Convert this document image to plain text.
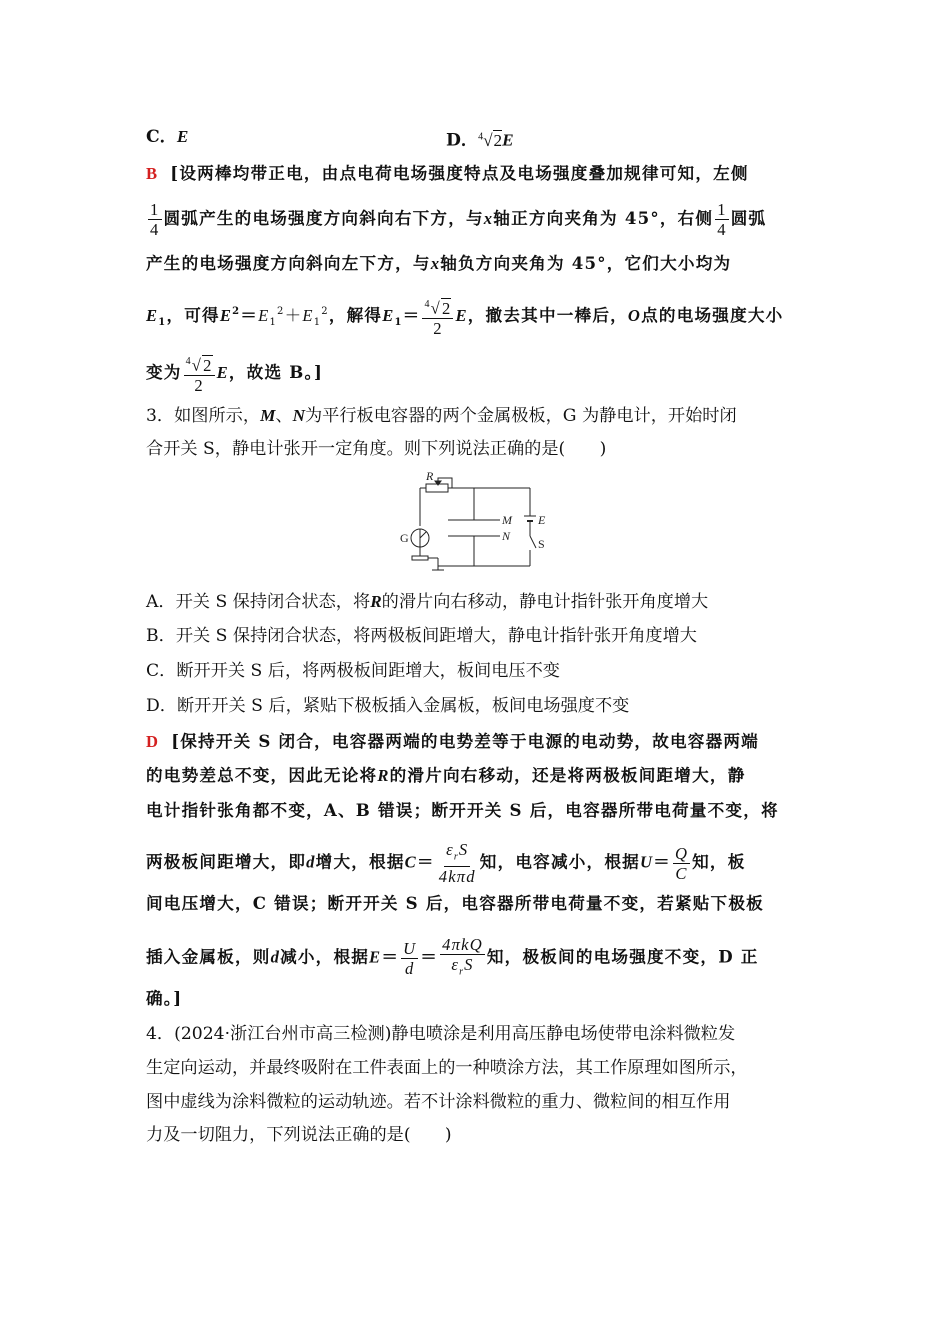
C．E	D．$^4$√2E
B [设两棒均带正电，由点电荷电场强度特点及电场强度叠加规律可知，左侧
$\frac{1}{4}$ 圆弧产生的电场强度方向斜向右下方，与x轴正方向夹角为 45°，右侧 $\frac{1}{4}$ 圆弧
产生的电场强度方向斜向左下方，与x轴负方向夹角为 45°，它们大小均为
$E_1$，可得$E^2=E_1^2+E_1^2$，解得$E_1= \frac{^4√2}{2}$ E，撤去其中一棒后，O点的电场强度大小
变为 $\frac{^4√2}{2}$ E，故选 B。]
3．如图所示，M、N为平行板电容器的两个金属极板，G 为静电计，开始时闭
合开关 S，静电计张开一定角度。则下列说法正确的是(　　)
R
M
N
E
S
G
A．开关 S 保持闭合状态，将R的滑片向右移动，静电计指针张开角度增大
B．开关 S 保持闭合状态，将两极板间距增大，静电计指针张开角度增大
C．断开开关 S 后，将两极板间距增大，板间电压不变
D．断开开关 S 后，紧贴下极板插入金属板，板间电场强度不变
D [保持开关 S 闭合，电容器两端的电势差等于电源的电动势，故电容器两端
的电势差总不变，因此无论将R的滑片向右移动，还是将两极板间距增大，静
电计指针张角都不变，A、B 错误；断开开关 S 后，电容器所带电荷量不变，将
两极板间距增大，即d增大，根据$C= \frac{\varepsilon_rS}{\text{4kπd}}$ 知，电容减小，根据$U= \frac{Q}{C}$ 知，板
间电压增大，C 错误；断开开关 S 后，电容器所带电荷量不变，若紧贴下极板
插入金属板，则d减小，根据$E= \frac{U}{d} = \frac{\text{4πkQ}}{\varepsilon_rS}$ 知，极板间的电场强度不变，D 正
确。]
4．(2024·浙江台州市高三检测)静电喷涂是利用高压静电场使带电涂料微粒发
生定向运动，并最终吸附在工件表面上的一种喷涂方法，其工作原理如图所示，
图中虚线为涂料微粒的运动轨迹。若不计涂料微粒的重力、微粒间的相互作用
力及一切阻力，下列说法正确的是(　　)
